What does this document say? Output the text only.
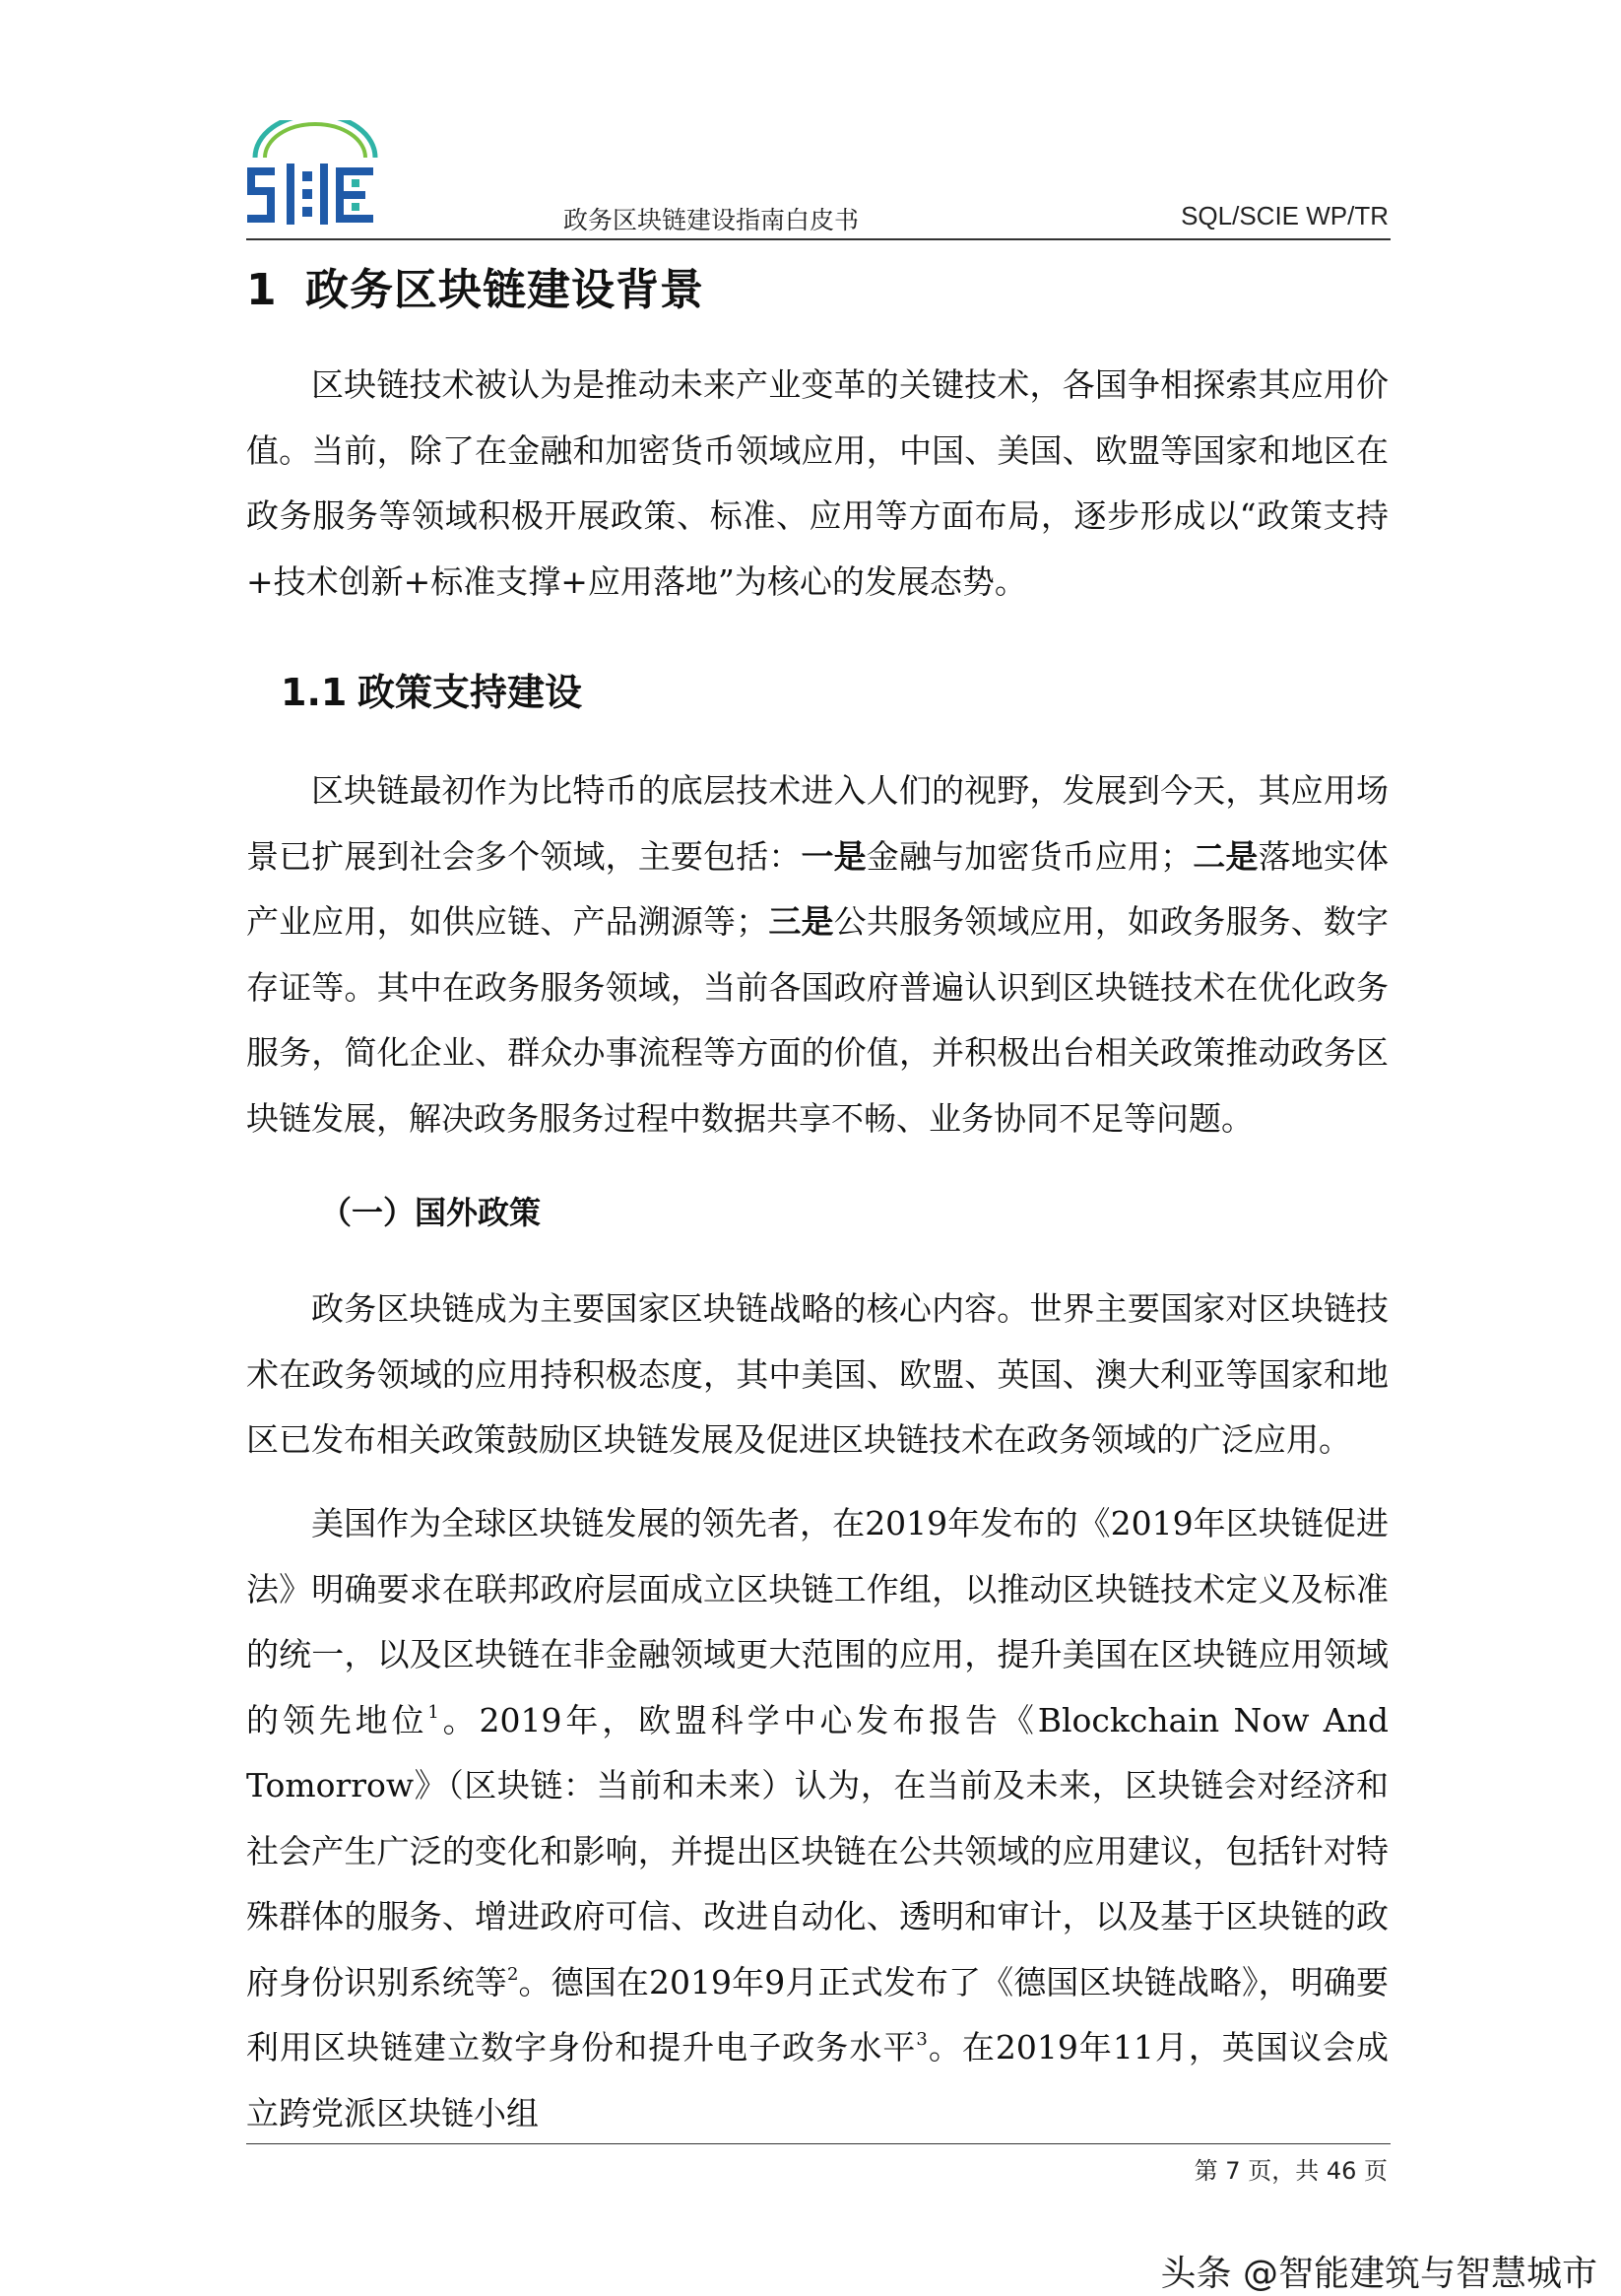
政务区块链建设指南白皮书	SQL/SCIE WP/TR
1 政务区块链建设背景

区块链技术被认为是推动未来产业变革的关键技术，各国争相探索其应用价值。当前，除了在金融和加密货币领域应用，中国、美国、欧盟等国家和地区在政务服务等领域积极开展政策、标准、应用等方面布局，逐步形成以“政策支持+技术创新+标准支撑+应用落地”为核心的发展态势。

1.1 政策支持建设

区块链最初作为比特币的底层技术进入人们的视野，发展到今天，其应用场景已扩展到社会多个领域，主要包括：一是金融与加密货币应用；二是落地实体产业应用，如供应链、产品溯源等；三是公共服务领域应用，如政务服务、数字存证等。其中在政务服务领域，当前各国政府普遍认识到区块链技术在优化政务服务，简化企业、群众办事流程等方面的价值，并积极出台相关政策推动政务区块链发展，解决政务服务过程中数据共享不畅、业务协同不足等问题。

（一）国外政策

政务区块链成为主要国家区块链战略的核心内容。世界主要国家对区块链技术在政务领域的应用持积极态度，其中美国、欧盟、英国、澳大利亚等国家和地区已发布相关政策鼓励区块链发展及促进区块链技术在政务领域的广泛应用。

美国作为全球区块链发展的领先者，在2019年发布的《2019年区块链促进法》明确要求在联邦政府层面成立区块链工作组，以推动区块链技术定义及标准的统一，以及区块链在非金融领域更大范围的应用，提升美国在区块链应用领域的领先地位$^1$。2019年，欧盟科学中心发布报告《Blockchain Now And Tomorrow》（区块链：当前和未来）认为，在当前及未来，区块链会对经济和社会产生广泛的变化和影响，并提出区块链在公共领域的应用建议，包括针对特殊群体的服务、增进政府可信、改进自动化、透明和审计，以及基于区块链的政府身份识别系统等$^2$。德国在2019年9月正式发布了《德国区块链战略》，明确要利用区块链建立数字身份和提升电子政务水平$^3$。在2019年11月，英国议会成立跨党派区块链小组

第 7 页，共 46 页
头条 @智能建筑与智慧城市
